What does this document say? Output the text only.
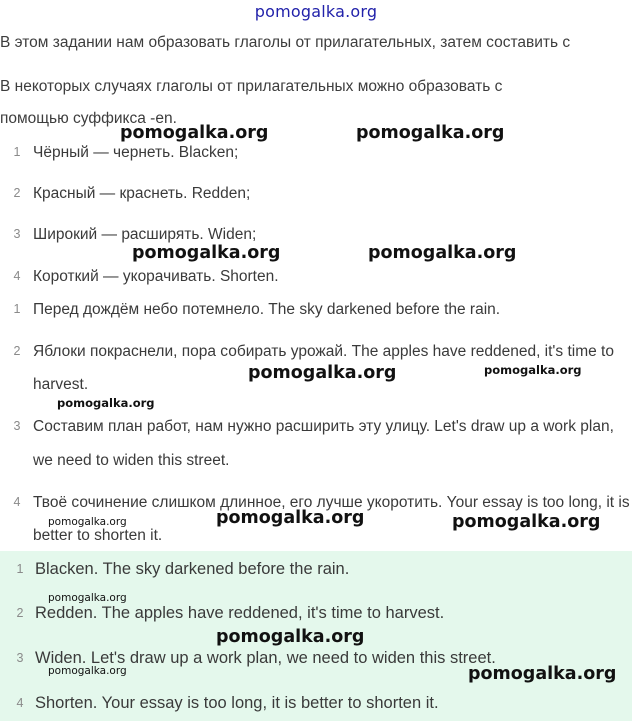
pomogalka.org
В этом задании нам образовать глаголы от прилагательных, затем составить с
В некоторых случаях глаголы от прилагательных можно образовать с
помощью суффикса -en.
1 Чёрный — чернеть. Blacken;
2 Красный — краснеть. Redden;
3 Широкий — расширять. Widen;
4 Короткий — укорачивать. Shorten.
1 Перед дождём небо потемнело. The sky darkened before the rain.
2 Яблоки покраснели, пора собирать урожай. The apples have reddened, it's time to harvest.
3 Составим план работ, нам нужно расширить эту улицу. Let's draw up a work plan, we need to widen this street.
4 Твоё сочинение слишком длинное, его лучше укоротить. Your essay is too long, it is better to shorten it.
1 Blacken. The sky darkened before the rain.
2 Redden. The apples have reddened, it's time to harvest.
3 Widen. Let's draw up a work plan, we need to widen this street.
4 Shorten. Your essay is too long, it is better to shorten it.
pomogalka.org	pomogalka.org
pomogalka.org	pomogalka.org
pomogalka.org	pomogalka.org
pomogalka.org
pomogalka.org	pomogalka.org	pomogalka.org
pomogalka.org
pomogalka.org
pomogalka.org	pomogalka.org
